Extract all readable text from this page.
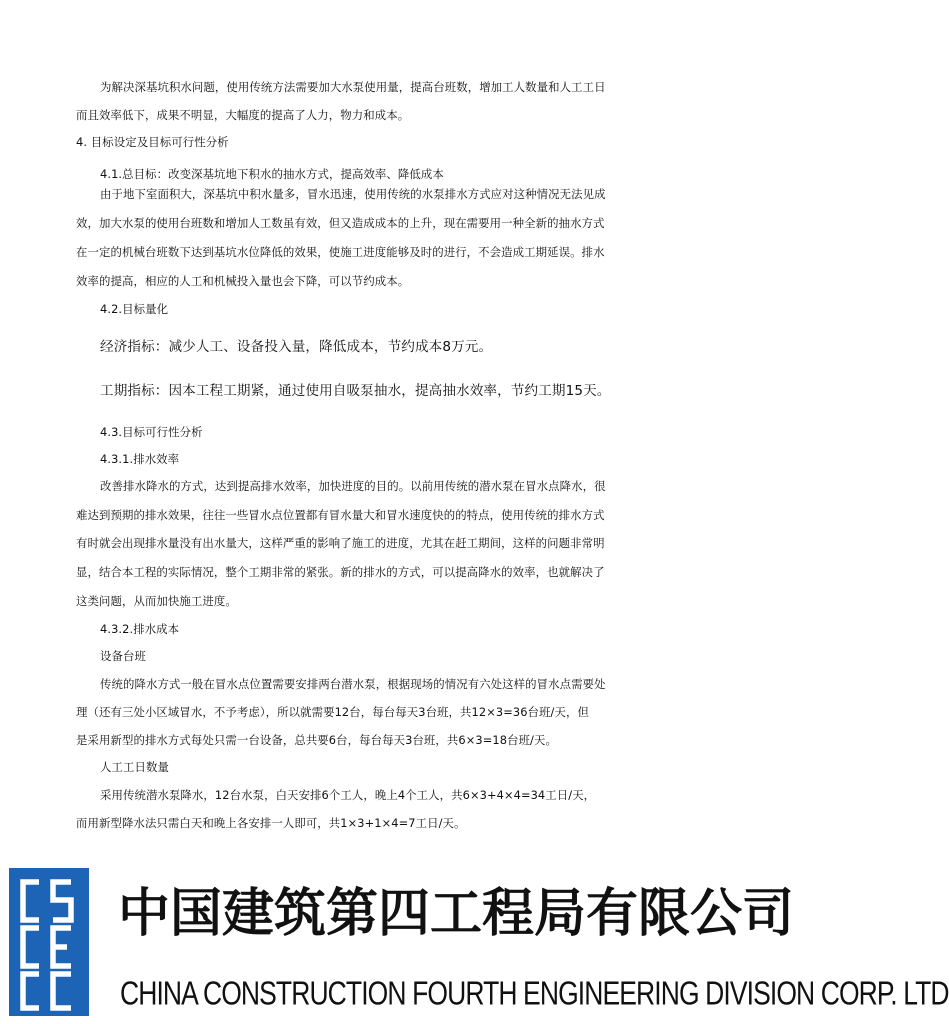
为解决深基坑积水问题，使用传统方法需要加大水泵使用量，提高台班数，增加工人数量和人工工日
而且效率低下，成果不明显，大幅度的提高了人力，物力和成本。
4. 目标设定及目标可行性分析
4.1.总目标：改变深基坑地下积水的抽水方式，提高效率、降低成本
由于地下室面积大，深基坑中积水量多，冒水迅速，使用传统的水泵排水方式应对这种情况无法见成
效，加大水泵的使用台班数和增加人工数虽有效，但又造成成本的上升，现在需要用一种全新的抽水方式
在一定的机械台班数下达到基坑水位降低的效果，使施工进度能够及时的进行，不会造成工期延误。排水
效率的提高，相应的人工和机械投入量也会下降，可以节约成本。
4.2.目标量化
经济指标：减少人工、设备投入量，降低成本，节约成本8万元。
工期指标：因本工程工期紧，通过使用自吸泵抽水，提高抽水效率，节约工期15天。
4.3.目标可行性分析
4.3.1.排水效率
改善排水降水的方式，达到提高排水效率，加快进度的目的。以前用传统的潜水泵在冒水点降水，很
难达到预期的排水效果，往往一些冒水点位置都有冒水量大和冒水速度快的的特点，使用传统的排水方式
有时就会出现排水量没有出水量大，这样严重的影响了施工的进度，尤其在赶工期间，这样的问题非常明
显，结合本工程的实际情况，整个工期非常的紧张。新的排水的方式，可以提高降水的效率，也就解决了
这类问题，从而加快施工进度。
4.3.2.排水成本
设备台班
传统的降水方式一般在冒水点位置需要安排两台潜水泵，根据现场的情况有六处这样的冒水点需要处
理（还有三处小区域冒水，不予考虑），所以就需要12台，每台每天3台班，共12×3=36台班/天，但
是采用新型的排水方式每处只需一台设备，总共要6台，每台每天3台班，共6×3=18台班/天。
人工工日数量
采用传统潜水泵降水，12台水泵，白天安排6个工人，晚上4个工人，共6×3+4×4=34工日/天，
而用新型降水法只需白天和晚上各安排一人即可，共1×3+1×4=7工日/天。
中国建筑第四工程局有限公司
CHINA CONSTRUCTION FOURTH ENGINEERING DIVISION CORP. LTD
